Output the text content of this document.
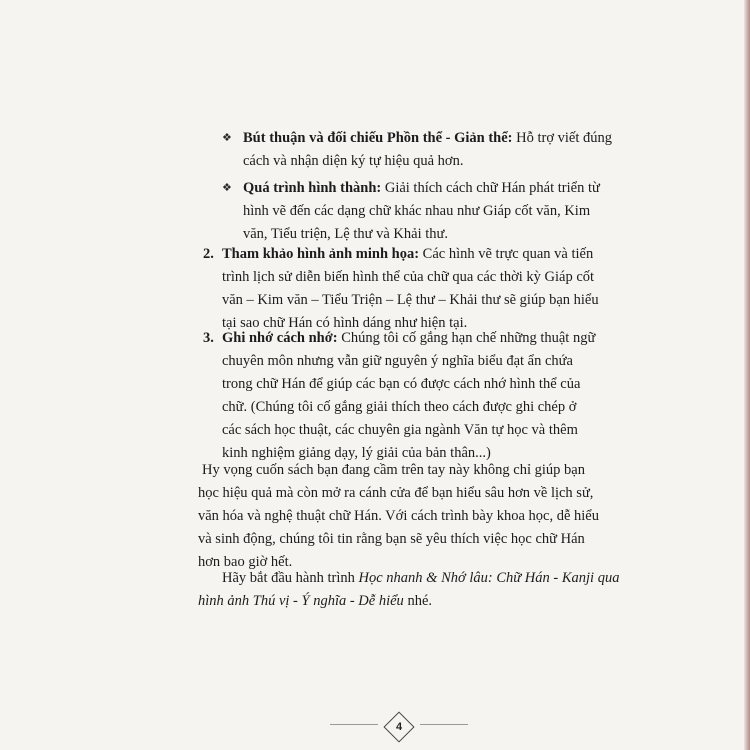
❖ Bút thuận và đối chiếu Phồn thể - Giản thể: Hỗ trợ viết đúng
cách và nhận diện ký tự hiệu quả hơn.
❖ Quá trình hình thành: Giải thích cách chữ Hán phát triển từ
hình vẽ đến các dạng chữ khác nhau như Giáp cốt văn, Kim
văn, Tiểu triện, Lệ thư và Khải thư.
2. Tham khảo hình ảnh minh họa: Các hình vẽ trực quan và tiến
trình lịch sử diễn biến hình thể của chữ qua các thời kỳ Giáp cốt
văn – Kim văn – Tiểu Triện – Lệ thư – Khải thư sẽ giúp bạn hiểu
tại sao chữ Hán có hình dáng như hiện tại.
3. Ghi nhớ cách nhớ: Chúng tôi cố gắng hạn chế những thuật ngữ
chuyên môn nhưng vẫn giữ nguyên ý nghĩa biểu đạt ẩn chứa
trong chữ Hán để giúp các bạn có được cách nhớ hình thể của
chữ. (Chúng tôi cố gắng giải thích theo cách được ghi chép ở
các sách học thuật, các chuyên gia ngành Văn tự học và thêm
kinh nghiệm giảng dạy, lý giải của bản thân...)
Hy vọng cuốn sách bạn đang cầm trên tay này không chỉ giúp bạn
học hiệu quả mà còn mở ra cánh cửa để bạn hiểu sâu hơn về lịch sử,
văn hóa và nghệ thuật chữ Hán. Với cách trình bày khoa học, dễ hiểu
và sinh động, chúng tôi tin rằng bạn sẽ yêu thích việc học chữ Hán
hơn bao giờ hết.
Hãy bắt đầu hành trình Học nhanh & Nhớ lâu: Chữ Hán - Kanji qua
hình ảnh Thú vị - Ý nghĩa - Dễ hiểu nhé.
4
